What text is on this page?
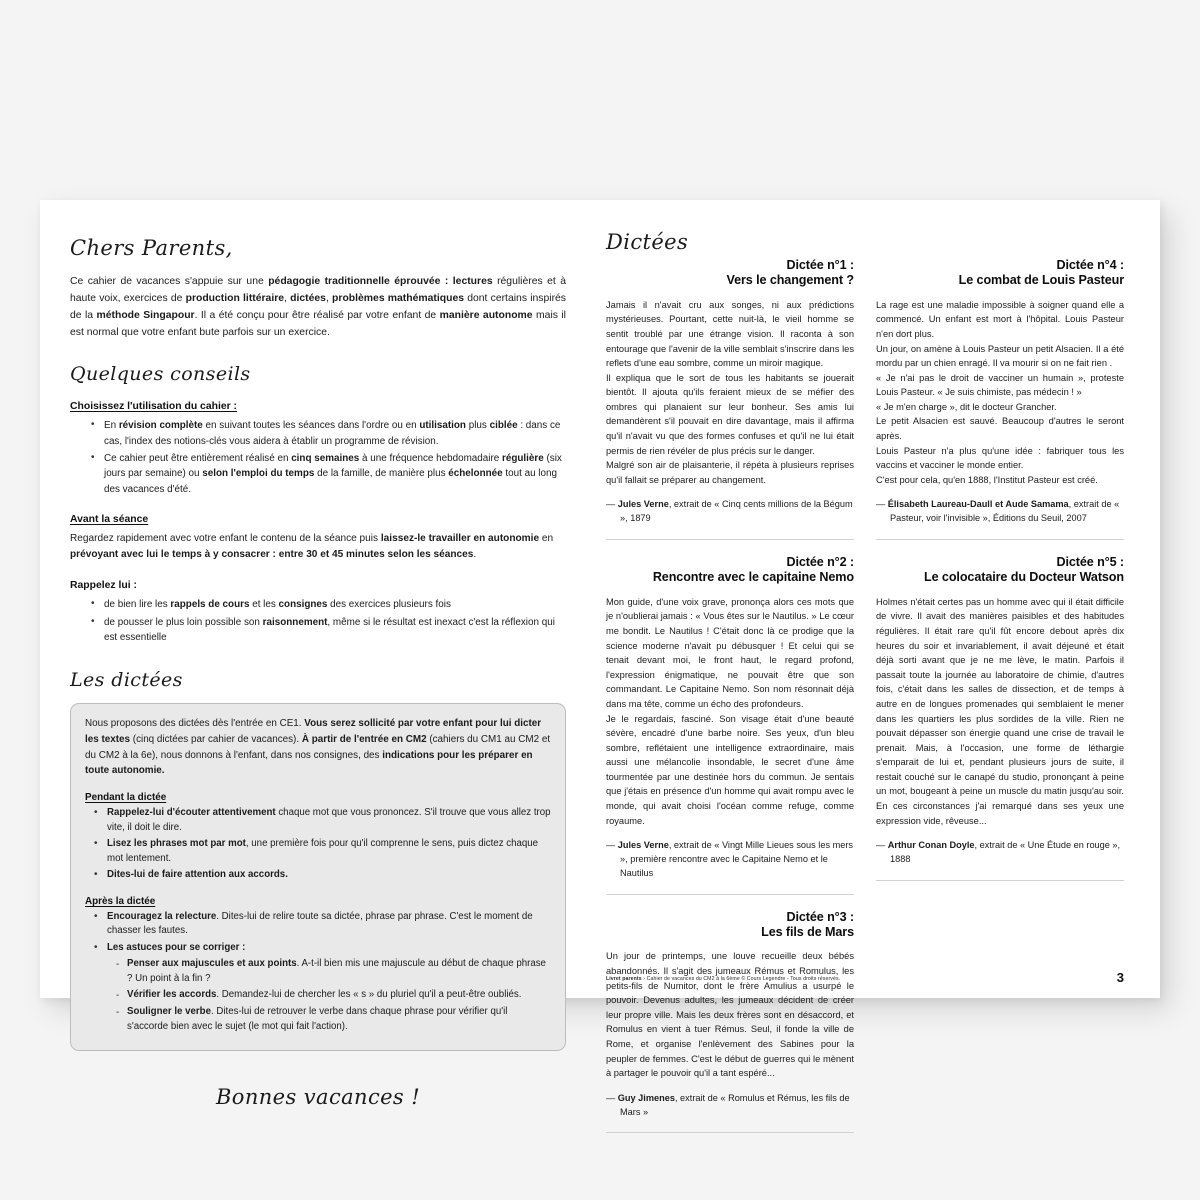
Chers Parents,

Ce cahier de vacances s'appuie sur une pédagogie traditionnelle éprouvée : lectures régulières et à haute voix, exercices de production littéraire, dictées, problèmes mathématiques dont certains inspirés de la méthode Singapour. Il a été conçu pour être réalisé par votre enfant de manière autonome mais il est normal que votre enfant bute parfois sur un exercice.

Quelques conseils
Choisissez l'utilisation du cahier :
• En révision complète en suivant toutes les séances dans l'ordre ou en utilisation plus ciblée : dans ce cas, l'index des notions-clés vous aidera à établir un programme de révision.
• Ce cahier peut être entièrement réalisé en cinq semaines à une fréquence hebdomadaire régulière (six jours par semaine) ou selon l'emploi du temps de la famille, de manière plus échelonnée tout au long des vacances d'été.
Avant la séance

Regardez rapidement avec votre enfant le contenu de la séance puis laissez-le travailler en autonomie en prévoyant avec lui le temps à y consacrer : entre 30 et 45 minutes selon les séances.

Rappelez lui :
• de bien lire les rappels de cours et les consignes des exercices plusieurs fois
• de pousser le plus loin possible son raisonnement, même si le résultat est inexact c'est la réflexion qui est essentielle
Les dictées

Nous proposons des dictées dès l'entrée en CE1. Vous serez sollicité par votre enfant pour lui dicter les textes (cinq dictées par cahier de vacances). À partir de l'entrée en CM2 (cahiers du CM1 au CM2 et du CM2 à la 6e), nous donnons à l'enfant, dans nos consignes, des indications pour les préparer en toute autonomie.

Pendant la dictée
• Rappelez-lui d'écouter attentivement chaque mot que vous prononcez. S'il trouve que vous allez trop vite, il doit le dire.
• Lisez les phrases mot par mot, une première fois pour qu'il comprenne le sens, puis dictez chaque mot lentement.
• Dites-lui de faire attention aux accords.
Après la dictée
• Encouragez la relecture. Dites-lui de relire toute sa dictée, phrase par phrase. C'est le moment de chasser les fautes.
• Les astuces pour se corriger :
- Penser aux majuscules et aux points. A-t-il bien mis une majuscule au début de chaque phrase ? Un point à la fin ?
- Vérifier les accords. Demandez-lui de chercher les « s » du pluriel qu'il a peut-être oubliés.
- Souligner le verbe. Dites-lui de retrouver le verbe dans chaque phrase pour vérifier qu'il s'accorde bien avec le sujet (le mot qui fait l'action).
Bonnes vacances !
Dictées
Dictée n°1 :
Vers le changement ?

Jamais il n'avait cru aux songes, ni aux prédictions mystérieuses. Pourtant, cette nuit-là, le vieil homme se sentit troublé par une étrange vision. Il raconta à son entourage que l'avenir de la ville semblait s'inscrire dans les reflets d'une eau sombre, comme un miroir magique.

Il expliqua que le sort de tous les habitants se jouerait bientôt. Il ajouta qu'ils feraient mieux de se méfier des ombres qui planaient sur leur bonheur. Ses amis lui demandèrent s'il pouvait en dire davantage, mais il affirma qu'il n'avait vu que des formes confuses et qu'il ne lui était permis de rien révéler de plus précis sur le danger.

Malgré son air de plaisanterie, il répéta à plusieurs reprises qu'il fallait se préparer au changement.

— Jules Verne, extrait de « Cinq cents millions de la Bégum », 1879
Dictée n°2 :
Rencontre avec le capitaine Nemo

Mon guide, d'une voix grave, prononça alors ces mots que je n'oublierai jamais : « Vous êtes sur le Nautilus. » Le cœur me bondit. Le Nautilus ! C'était donc là ce prodige que la science moderne n'avait pu débusquer ! Et celui qui se tenait devant moi, le front haut, le regard profond, l'expression énigmatique, ne pouvait être que son commandant. Le Capitaine Nemo. Son nom résonnait déjà dans ma tête, comme un écho des profondeurs.

Je le regardais, fasciné. Son visage était d'une beauté sévère, encadré d'une barbe noire. Ses yeux, d'un bleu sombre, reflétaient une intelligence extraordinaire, mais aussi une mélancolie insondable, le secret d'une âme tourmentée par une destinée hors du commun. Je sentais que j'étais en présence d'un homme qui avait rompu avec le monde, qui avait choisi l'océan comme refuge, comme royaume.

— Jules Verne, extrait de « Vingt Mille Lieues sous les mers », première rencontre avec le Capitaine Nemo et le Nautilus
Dictée n°3 :
Les fils de Mars

Un jour de printemps, une louve recueille deux bébés abandonnés. Il s'agit des jumeaux Rémus et Romulus, les petits-fils de Numitor, dont le frère Amulius a usurpé le pouvoir. Devenus adultes, les jumeaux décident de créer leur propre ville. Mais les deux frères sont en désaccord, et Romulus en vient à tuer Rémus. Seul, il fonde la ville de Rome, et organise l'enlèvement des Sabines pour la peupler de femmes. C'est le début de guerres qui le mènent à partager le pouvoir qu'il a tant espéré...

— Guy Jimenes, extrait de « Romulus et Rémus, les fils de Mars »
Dictée n°4 :
Le combat de Louis Pasteur

La rage est une maladie impossible à soigner quand elle a commencé. Un enfant est mort à l'hôpital. Louis Pasteur n'en dort plus.

Un jour, on amène à Louis Pasteur un petit Alsacien. Il a été mordu par un chien enragé. Il va mourir si on ne fait rien .

« Je n'ai pas le droit de vacciner un humain », proteste Louis Pasteur. « Je suis chimiste, pas médecin ! »

« Je m'en charge », dit le docteur Grancher.

Le petit Alsacien est sauvé. Beaucoup d'autres le seront après.

Louis Pasteur n'a plus qu'une idée : fabriquer tous les vaccins et vacciner le monde entier.

C'est pour cela, qu'en 1888, l'Institut Pasteur est créé.

— Élisabeth Laureau-Daull et Aude Samama, extrait de « Pasteur, voir l'invisible », Éditions du Seuil, 2007
Dictée n°5 :
Le colocataire du Docteur Watson

Holmes n'était certes pas un homme avec qui il était difficile de vivre. Il avait des manières paisibles et des habitudes régulières. Il était rare qu'il fût encore debout après dix heures du soir et invariablement, il avait déjeuné et était déjà sorti avant que je ne me lève, le matin. Parfois il passait toute la journée au laboratoire de chimie, d'autres fois, c'était dans les salles de dissection, et de temps à autre en de longues promenades qui semblaient le mener dans les quartiers les plus sordides de la ville. Rien ne pouvait dépasser son énergie quand une crise de travail le prenait. Mais, à l'occasion, une forme de léthargie s'emparait de lui et, pendant plusieurs jours de suite, il restait couché sur le canapé du studio, prononçant à peine un mot, bougeant à peine un muscle du matin jusqu'au soir. En ces circonstances j'ai remarqué dans ses yeux une expression vide, rêveuse...

— Arthur Conan Doyle, extrait de « Une Étude en rouge », 1888
Livret parents › Cahier de vacances du CM2 à la 6ème © Cours Legendre - Tous droits réservés.	3
